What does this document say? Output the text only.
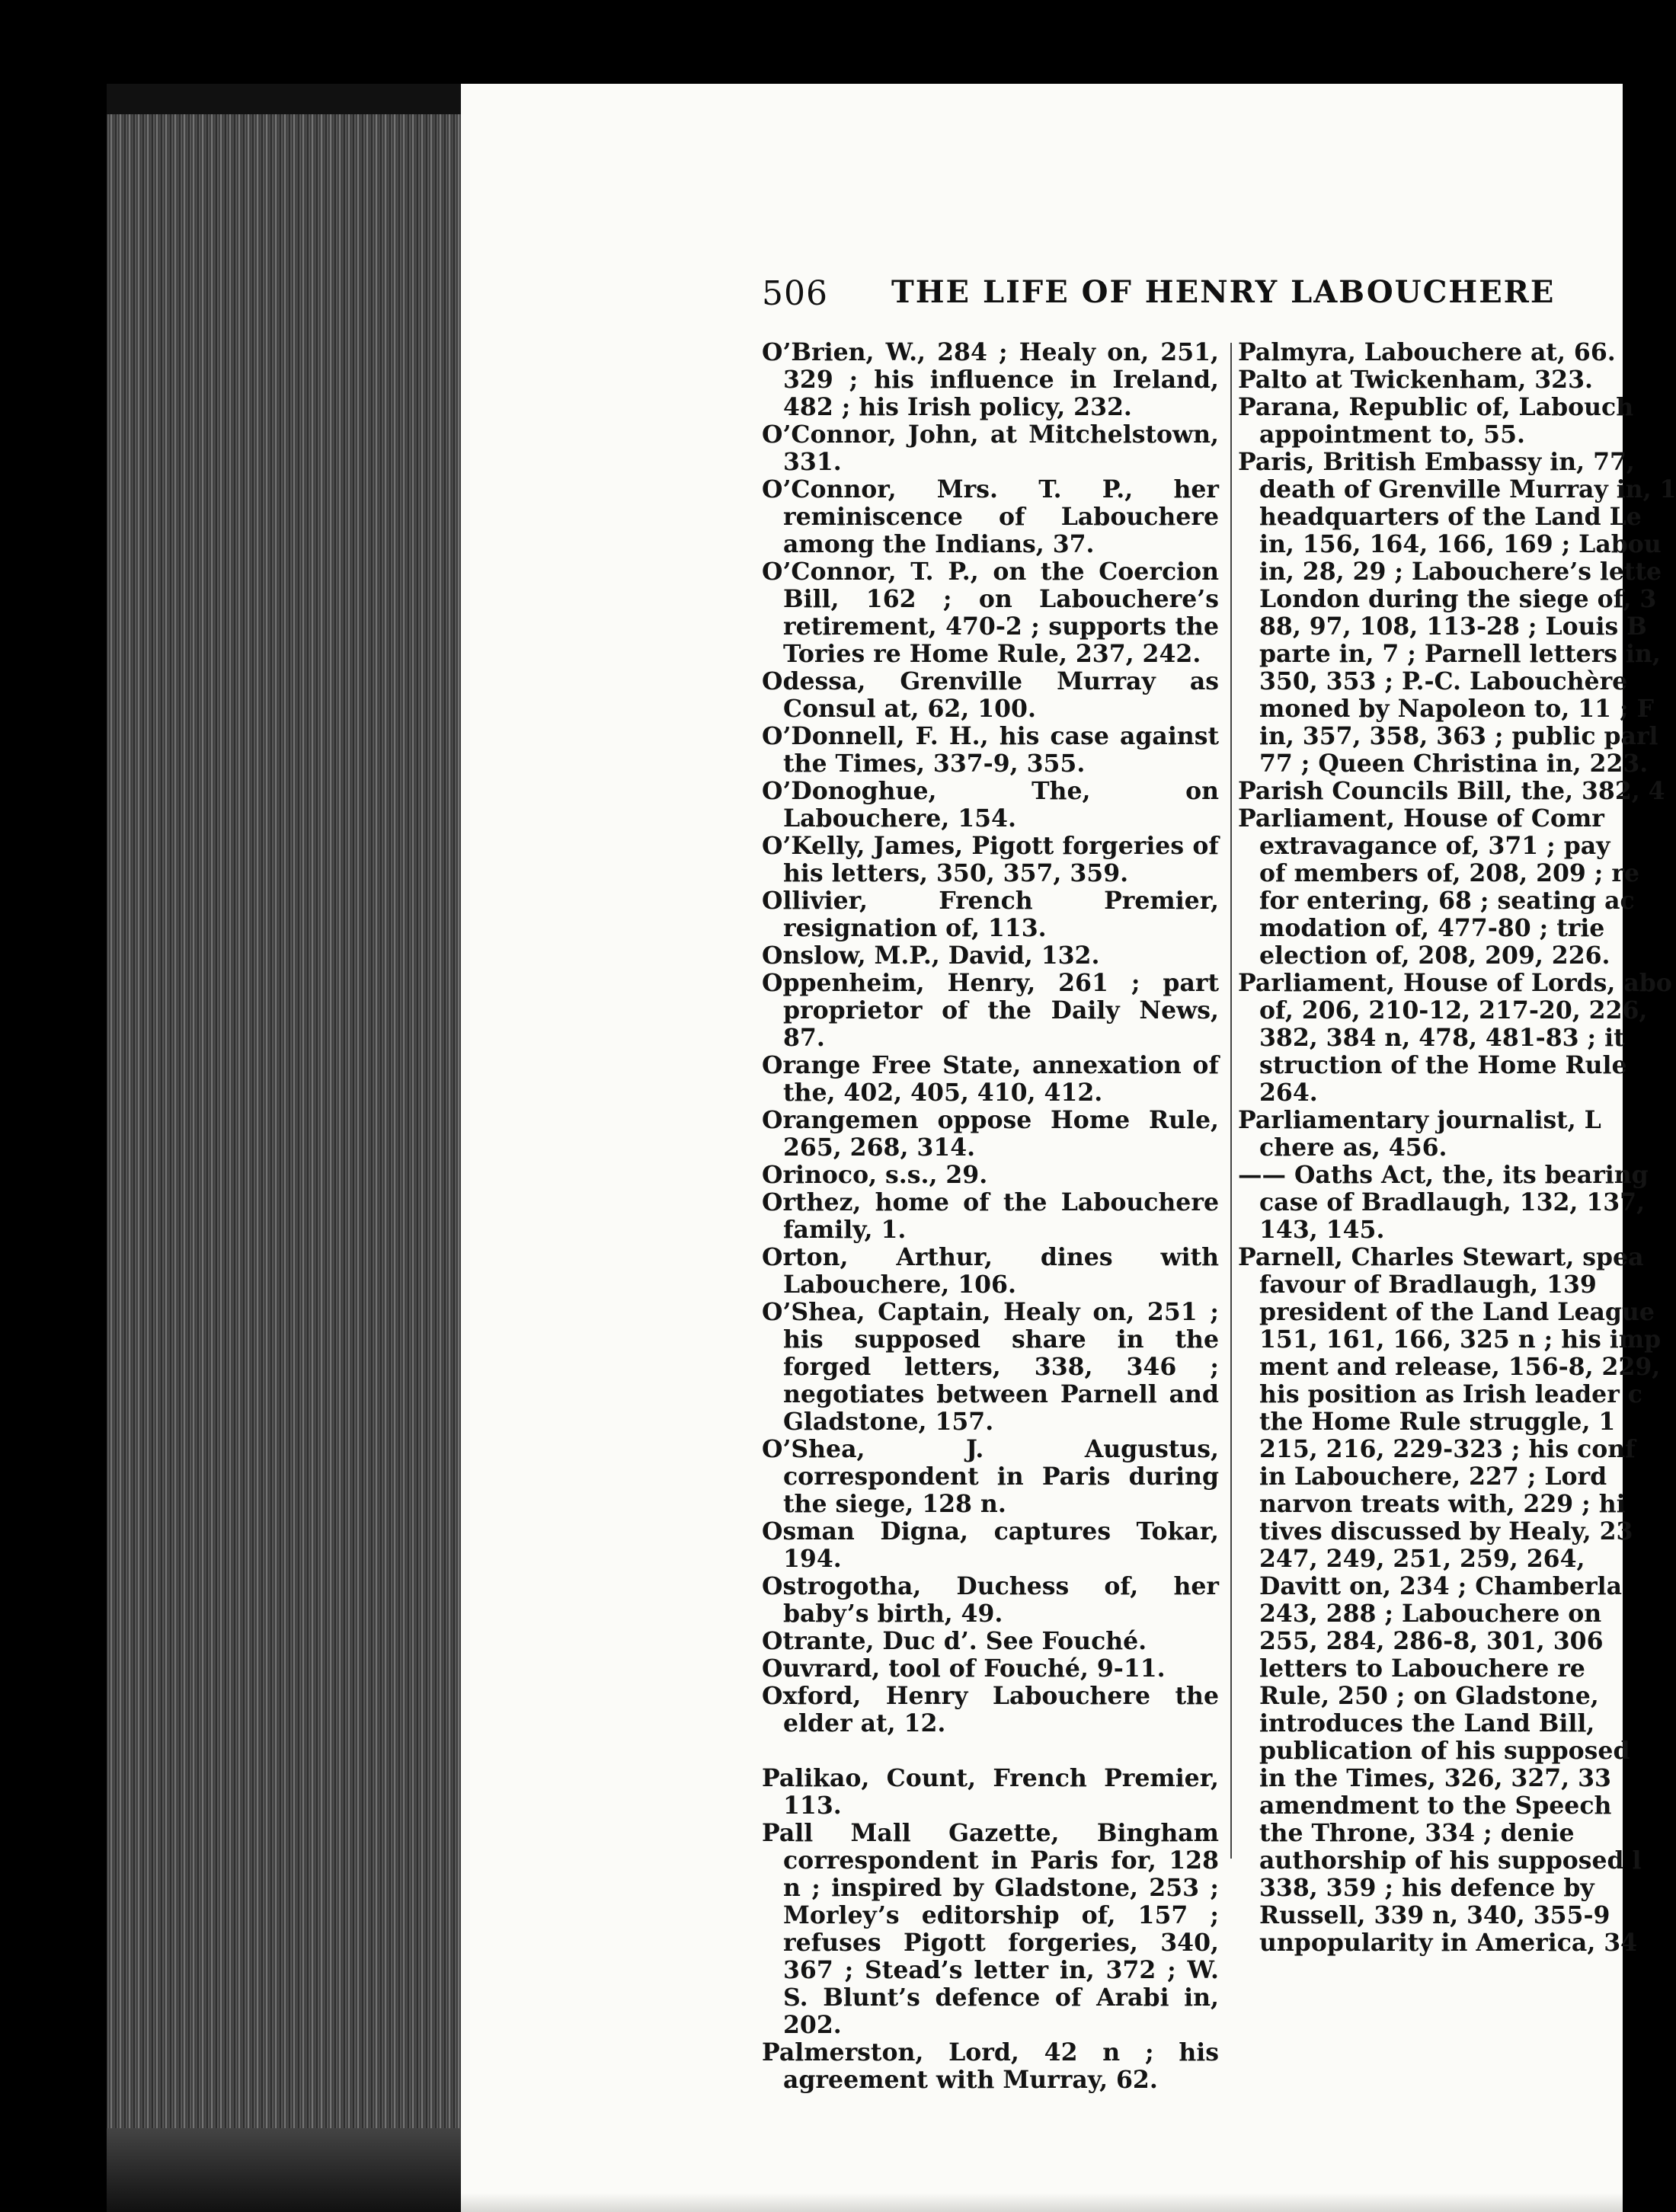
506 THE LIFE OF HENRY LABOUCHERE
O’Brien, W., 284 ; Healy on, 251, 329 ; his influence in Ireland, 482 ; his Irish policy, 232.
O’Connor, John, at Mitchelstown, 331.
O’Connor, Mrs. T. P., her reminiscence of Labouchere among the Indians, 37.
O’Connor, T. P., on the Coercion Bill, 162 ; on Labouchere’s retirement, 470-2 ; supports the Tories re Home Rule, 237, 242.
Odessa, Grenville Murray as Consul at, 62, 100.
O’Donnell, F. H., his case against the Times, 337-9, 355.
O’Donoghue, The, on Labouchere, 154.
O’Kelly, James, Pigott forgeries of his letters, 350, 357, 359.
Ollivier, French Premier, resignation of, 113.
Onslow, M.P., David, 132.
Oppenheim, Henry, 261 ; part proprietor of the Daily News, 87.
Orange Free State, annexation of the, 402, 405, 410, 412.
Orangemen oppose Home Rule, 265, 268, 314.
Orinoco, s.s., 29.
Orthez, home of the Labouchere family, 1.
Orton, Arthur, dines with Labouchere, 106.
O’Shea, Captain, Healy on, 251 ; his supposed share in the forged letters, 338, 346 ; negotiates between Parnell and Gladstone, 157.
O’Shea, J. Augustus, correspondent in Paris during the siege, 128 n.
Osman Digna, captures Tokar, 194.
Ostrogotha, Duchess of, her baby’s birth, 49.
Otrante, Duc d’. See Fouché.
Ouvrard, tool of Fouché, 9-11.
Oxford, Henry Labouchere the elder at, 12.
Palikao, Count, French Premier, 113.
Pall Mall Gazette, Bingham correspondent in Paris for, 128 n ; inspired by Gladstone, 253 ; Morley’s editorship of, 157 ; refuses Pigott forgeries, 340, 367 ; Stead’s letter in, 372 ; W. S. Blunt’s defence of Arabi in, 202.
Palmerston, Lord, 42 n ; his agreement with Murray, 62.
Palmyra, Labouchere at, 66.
Palto at Twickenham, 323.
Parana, Republic of, Labouch
appointment to, 55.
Paris, British Embassy in, 77,
death of Grenville Murray in, 1
headquarters of the Land Le
in, 156, 164, 166, 169 ; Labou
in, 28, 29 ; Labouchere’s lette
London during the siege of, 3
88, 97, 108, 113-28 ; Louis B
parte in, 7 ; Parnell letters in,
350, 353 ; P.-C. Labouchère
moned by Napoleon to, 11 ; F
in, 357, 358, 363 ; public parl
77 ; Queen Christina in, 223.
Parish Councils Bill, the, 382, 4
Parliament, House of Comr
extravagance of, 371 ; pay
of members of, 208, 209 ; re
for entering, 68 ; seating ac
modation of, 477-80 ; trie
election of, 208, 209, 226.
Parliament, House of Lords, abo
of, 206, 210-12, 217-20, 226,
382, 384 n, 478, 481-83 ; it
struction of the Home Rule
264.
Parliamentary journalist, L
chere as, 456.
—— Oaths Act, the, its bearing
case of Bradlaugh, 132, 137,
143, 145.
Parnell, Charles Stewart, spea
favour of Bradlaugh, 139
president of the Land League
151, 161, 166, 325 n ; his imp
ment and release, 156-8, 229,
his position as Irish leader c
the Home Rule struggle, 1
215, 216, 229-323 ; his conf
in Labouchere, 227 ; Lord
narvon treats with, 229 ; hi
tives discussed by Healy, 23
247, 249, 251, 259, 264,
Davitt on, 234 ; Chamberla
243, 288 ; Labouchere on
255, 284, 286-8, 301, 306
letters to Labouchere re
Rule, 250 ; on Gladstone,
introduces the Land Bill,
publication of his supposed
in the Times, 326, 327, 33
amendment to the Speech
the Throne, 334 ; denie
authorship of his supposed l
338, 359 ; his defence by
Russell, 339 n, 340, 355-9
unpopularity in America, 34
